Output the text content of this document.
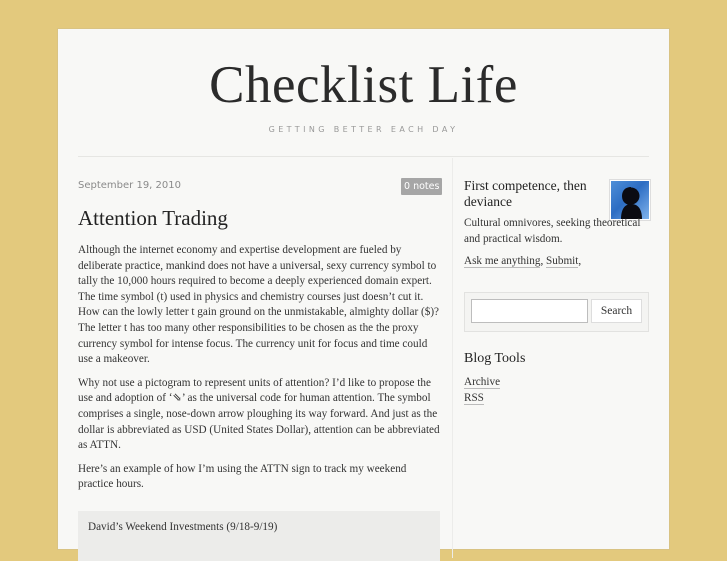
Checklist Life
GETTING BETTER EACH DAY
September 19, 2010	0 notes
Attention Trading

Although the internet economy and expertise development are fueled by deliberate practice, mankind does not have a universal, sexy currency symbol to tally the 10,000 hours required to become a deeply experienced domain expert. The time symbol (t) used in physics and chemistry courses just doesn’t cut it. How can the lowly letter t gain ground on the unmistakable, almighty dollar ($)? The letter t has too many other responsibilities to be chosen as the the proxy currency symbol for intense focus. The currency unit for focus and time could use a makeover.

Why not use a pictogram to represent units of attention? I’d like to propose the use and adoption of ‘⇘’ as the universal code for human attention. The symbol comprises a single, nose-down arrow ploughing its way forward. And just as the dollar is abbreviated as USD (United States Dollar), attention can be abbreviated as ATTN.

Here’s an example of how I’m using the ATTN sign to track my weekend practice hours.

David’s Weekend Investments (9/18-9/19)
First competence, then deviance
Cultural omnivores, seeking theoretical and practical wisdom.
Ask me anything, Submit,
Search
Blog Tools
Archive
RSS
